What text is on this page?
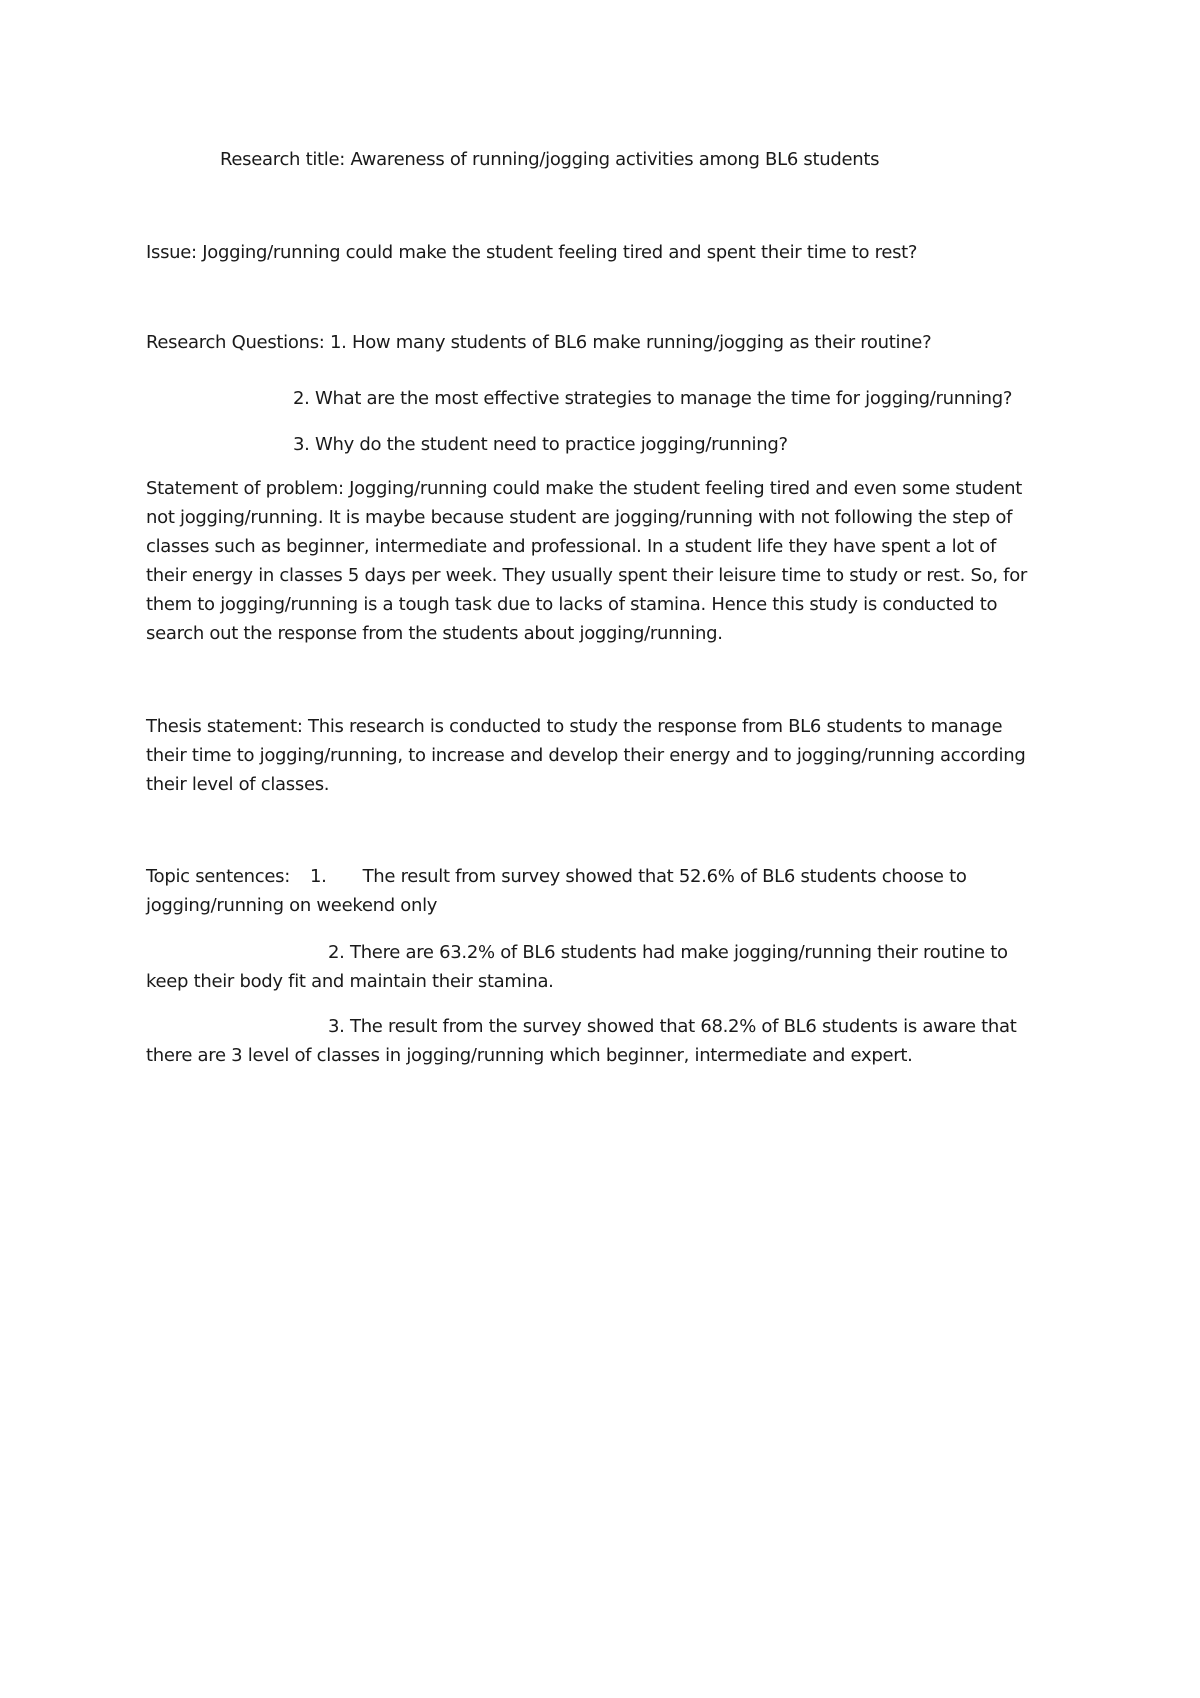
Research title: Awareness of running/jogging activities among BL6 students
Issue: Jogging/running could make the student feeling tired and spent their time to rest?
Research Questions: 1. How many students of BL6 make running/jogging as their routine?
2. What are the most effective strategies to manage the time for jogging/running?
3. Why do the student need to practice jogging/running?
Statement of problem: Jogging/running could make the student feeling tired and even some student
not jogging/running. It is maybe because student are jogging/running with not following the step of
classes such as beginner, intermediate and professional. In a student life they have spent a lot of
their energy in classes 5 days per week. They usually spent their leisure time to study or rest. So, for
them to jogging/running is a tough task due to lacks of stamina. Hence this study is conducted to
search out the response from the students about jogging/running.
Thesis statement: This research is conducted to study the response from BL6 students to manage
their time to jogging/running, to increase and develop their energy and to jogging/running according
their level of classes.
Topic sentences: 1. The result from survey showed that 52.6% of BL6 students choose to
jogging/running on weekend only
2. There are 63.2% of BL6 students had make jogging/running their routine to
keep their body fit and maintain their stamina.
3. The result from the survey showed that 68.2% of BL6 students is aware that
there are 3 level of classes in jogging/running which beginner, intermediate and expert.
